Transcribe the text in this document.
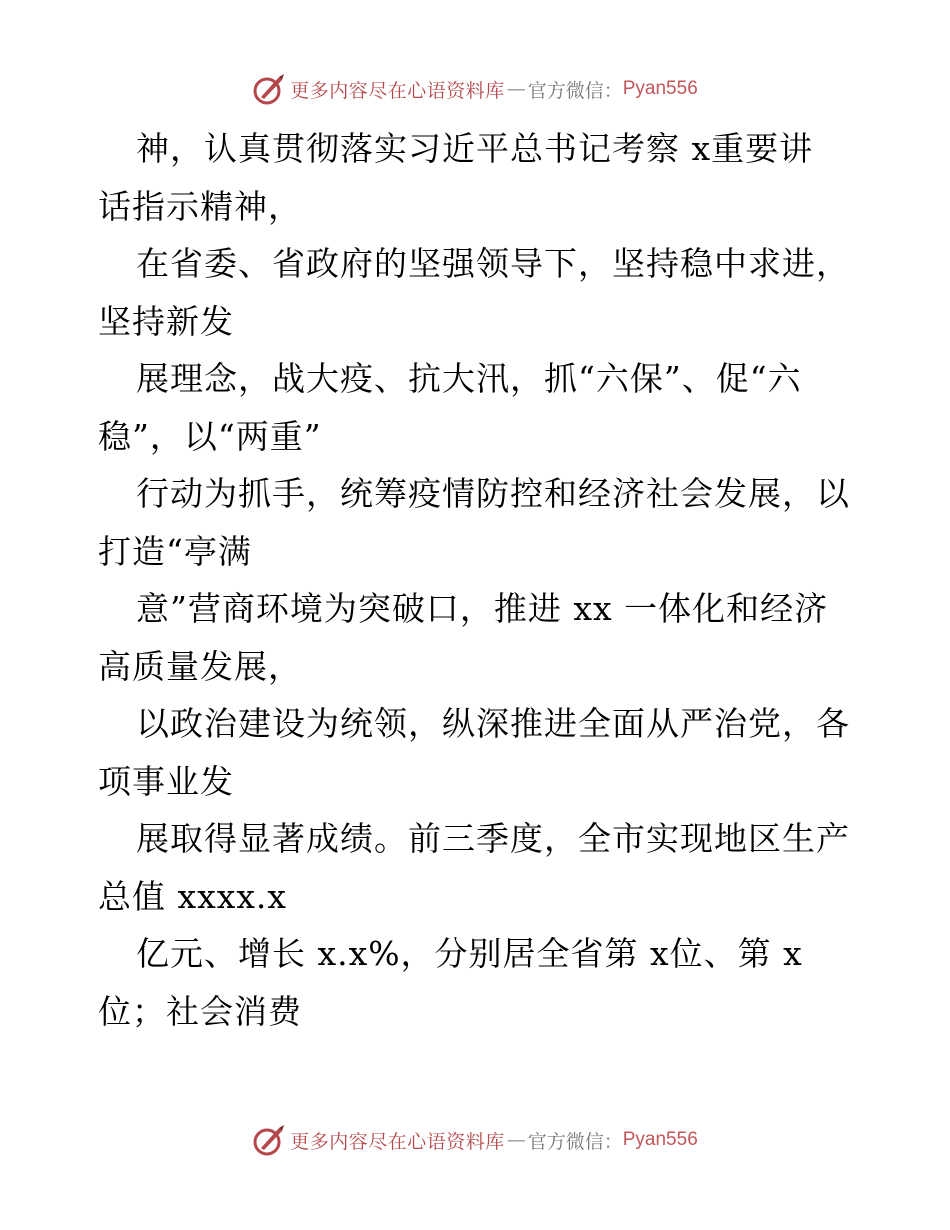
更多内容尽在心语资料库 — 官方微信： Pyan556
神，认真贯彻落实习近平总书记考察 x重要讲
话指示精神，
在省委、省政府的坚强领导下，坚持稳中求进，
坚持新发
展理念，战大疫、抗大汛，抓“六保”、促“六
稳”，以“两重”
行动为抓手，统筹疫情防控和经济社会发展，以
打造“亭满
意”营商环境为突破口，推进 xx 一体化和经济
高质量发展，
以政治建设为统领，纵深推进全面从严治党，各
项事业发
展取得显著成绩。前三季度，全市实现地区生产
总值 xxxx.x
亿元、增长 x.x%，分别居全省第 x位、第 x
位；社会消费
更多内容尽在心语资料库 — 官方微信： Pyan556
